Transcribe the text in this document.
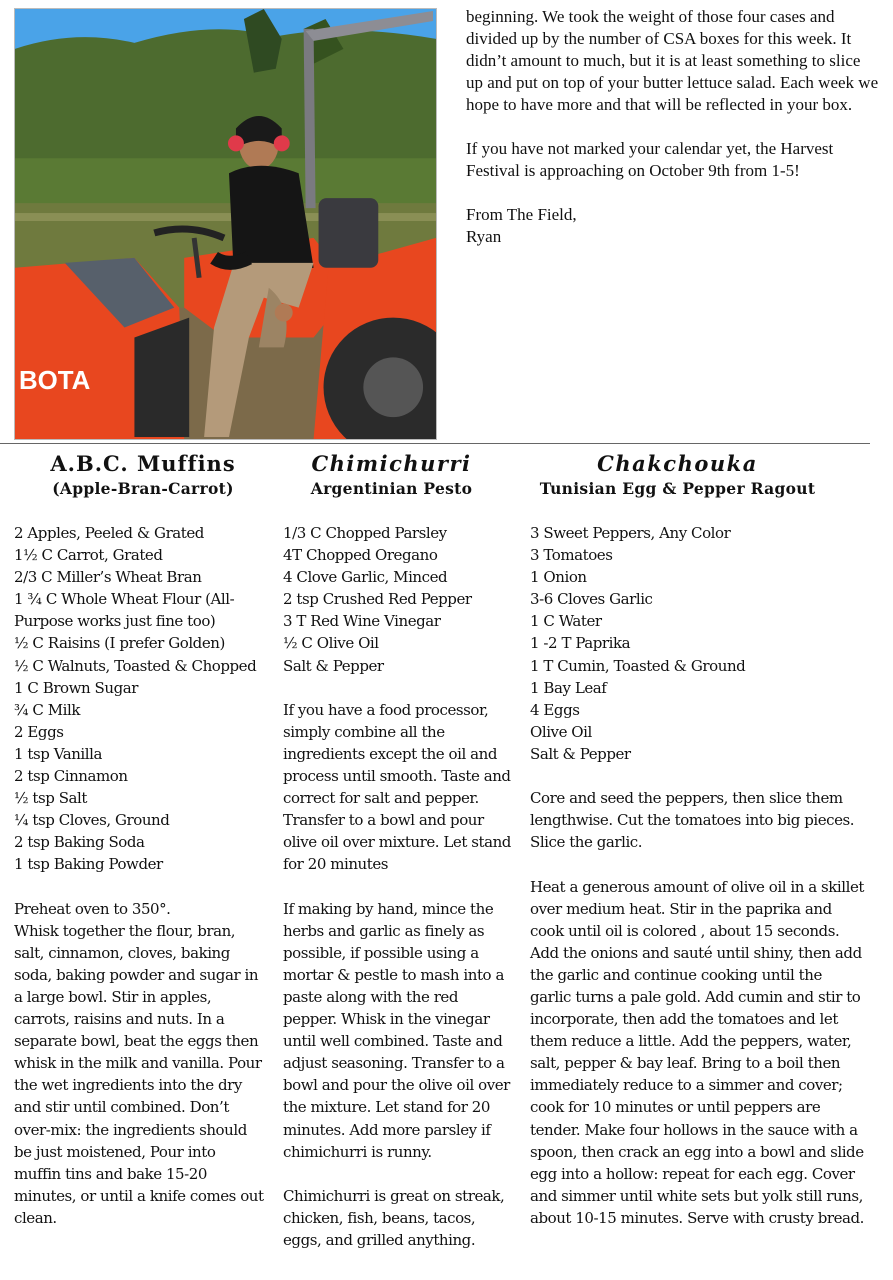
BOTA

beginning. We took the weight of those four cases and divided up by the number of CSA boxes for this week. It didn’t amount to much, but it is at least something to slice up and put on top of your butter lettuce salad. Each week we hope to have more and that will be reflected in your box.

If you have not marked your calendar yet, the Harvest Festival is approaching on October 9th from 1-5!

From The Field,

Ryan

A.B.C. Muffins
(Apple-Bran-Carrot)
2 Apples, Peeled & Grated
1½ C Carrot, Grated
2/3 C Miller’s Wheat Bran
1 ¾ C Whole Wheat Flour (All-Purpose works just fine too)
½ C Raisins (I prefer Golden)
½ C Walnuts, Toasted & Chopped
1 C Brown Sugar
¾ C Milk
2 Eggs
1 tsp Vanilla
2 tsp Cinnamon
½ tsp Salt
¼ tsp Cloves, Ground
2 tsp Baking Soda
1 tsp Baking Powder
Preheat oven to 350°.
Whisk together the flour, bran, salt, cinnamon, cloves, baking soda, baking powder and sugar in a large bowl. Stir in apples, carrots, raisins and nuts. In a separate bowl, beat the eggs then whisk in the milk and vanilla. Pour the wet ingredients into the dry and stir until combined. Don’t over-mix: the ingredients should be just moistened, Pour into muffin tins and bake 15-20 minutes, or until a knife comes out clean.
Chimichurri
Argentinian Pesto
1/3 C Chopped Parsley
4T Chopped Oregano
4 Clove Garlic, Minced
2 tsp Crushed Red Pepper
3 T Red Wine Vinegar
½ C Olive Oil
Salt & Pepper

If you have a food processor, simply combine all the ingredients except the oil and process until smooth. Taste and correct for salt and pepper. Transfer to a bowl and pour olive oil over mixture. Let stand for 20 minutes

If making by hand, mince the herbs and garlic as finely as possible, if possible using a mortar & pestle to mash into a paste along with the red pepper. Whisk in the vinegar until well combined. Taste and adjust seasoning. Transfer to a bowl and pour the olive oil over the mixture. Let stand for 20 minutes. Add more parsley if chimichurri is runny.

Chimichurri is great on streak, chicken, fish, beans, tacos, eggs, and grilled anything.

Chakchouka
Tunisian Egg & Pepper Ragout
3 Sweet Peppers, Any Color
3 Tomatoes
1 Onion
3-6 Cloves Garlic
1 C Water
1 -2 T Paprika
1 T Cumin, Toasted & Ground
1 Bay Leaf
4 Eggs
Olive Oil
Salt & Pepper

Core and seed the peppers, then slice them lengthwise. Cut the tomatoes into big pieces. Slice the garlic.

Heat a generous amount of olive oil in a skillet over medium heat. Stir in the paprika and cook until oil is colored , about 15 seconds. Add the onions and sauté until shiny, then add the garlic and continue cooking until the garlic turns a pale gold. Add cumin and stir to incorporate, then add the tomatoes and let them reduce a little. Add the peppers, water, salt, pepper & bay leaf. Bring to a boil then immediately reduce to a simmer and cover; cook for 10 minutes or until peppers are tender. Make four hollows in the sauce with a spoon, then crack an egg into a bowl and slide egg into a hollow: repeat for each egg. Cover and simmer until white sets but yolk still runs, about 10-15 minutes. Serve with crusty bread.
